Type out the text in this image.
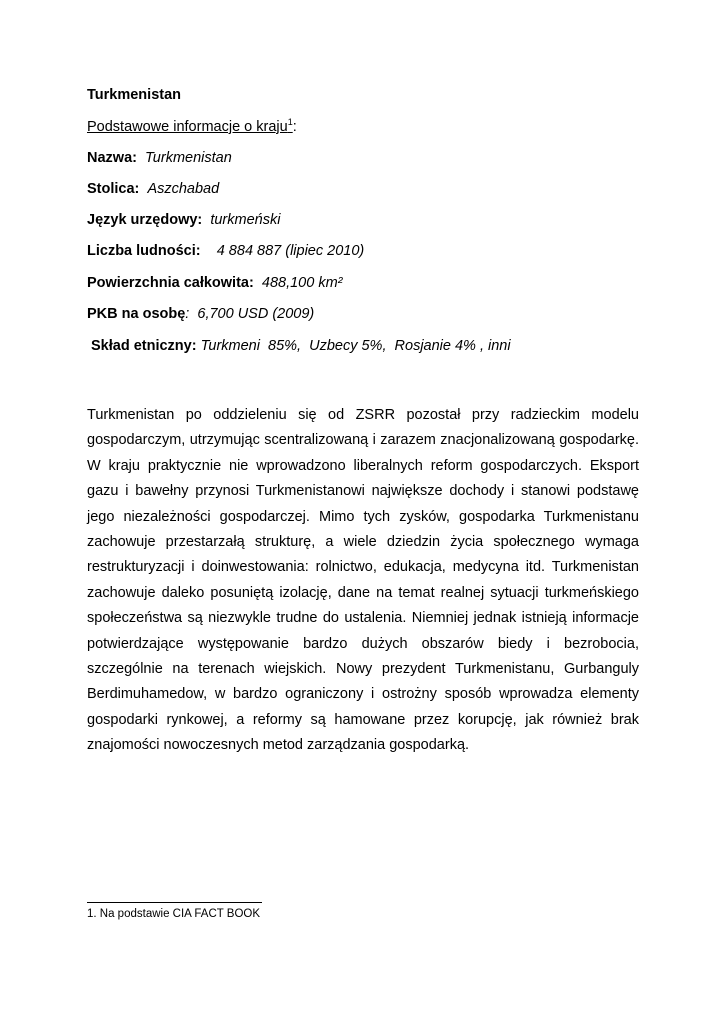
Turkmenistan
Podstawowe informacje o kraju$^1$:
Nazwa: Turkmenistan
Stolica: Aszchabad
Język urzędowy: turkmeński
Liczba ludności: 4 884 887 (lipiec 2010)
Powierzchnia całkowita: 488,100 km²
PKB na osobę: 6,700 USD (2009)
Skład etniczny: Turkmeni  85%,  Uzbecy 5%,  Rosjanie 4% , inni

Turkmenistan po oddzieleniu się od ZSRR pozostał przy radzieckim modelu gospodarczym, utrzymując scentralizowaną i zarazem znacjonalizowaną gospodarkę. W kraju praktycznie nie wprowadzono liberalnych reform gospodarczych. Eksport gazu i bawełny przynosi Turkmenistanowi największe dochody i stanowi podstawę jego niezależności gospodarczej. Mimo tych zysków, gospodarka Turkmenistanu zachowuje przestarzałą strukturę, a wiele dziedzin życia społecznego wymaga restrukturyzacji i doinwestowania: rolnictwo, edukacja, medycyna itd. Turkmenistan zachowuje daleko posuniętą izolację, dane na temat realnej sytuacji turkmeńskiego społeczeństwa są niezwykle trudne do ustalenia. Niemniej jednak istnieją informacje potwierdzające występowanie bardzo dużych obszarów biedy i bezrobocia, szczególnie na terenach wiejskich. Nowy prezydent Turkmenistanu, Gurbanguly Berdimuhamedow, w bardzo ograniczony i ostrożny sposób wprowadza elementy gospodarki rynkowej, a reformy są hamowane przez korupcję, jak również brak znajomości nowoczesnych metod zarządzania gospodarką.

1. Na podstawie CIA FACT BOOK
